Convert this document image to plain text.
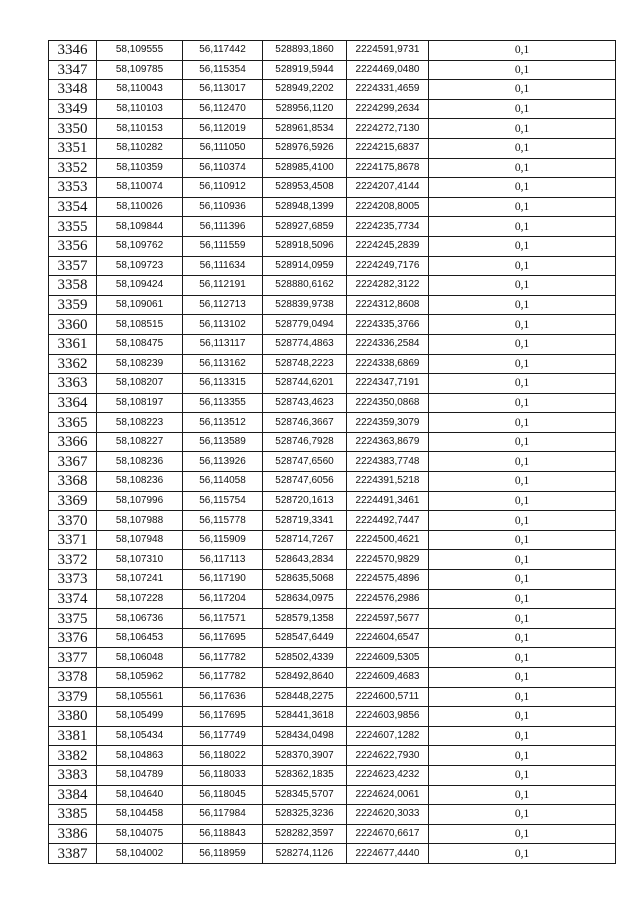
3346	58,109555	56,117442	528893,1860	2224591,9731	0,1
3347	58,109785	56,115354	528919,5944	2224469,0480	0,1
3348	58,110043	56,113017	528949,2202	2224331,4659	0,1
3349	58,110103	56,112470	528956,1120	2224299,2634	0,1
3350	58,110153	56,112019	528961,8534	2224272,7130	0,1
3351	58,110282	56,111050	528976,5926	2224215,6837	0,1
3352	58,110359	56,110374	528985,4100	2224175,8678	0,1
3353	58,110074	56,110912	528953,4508	2224207,4144	0,1
3354	58,110026	56,110936	528948,1399	2224208,8005	0,1
3355	58,109844	56,111396	528927,6859	2224235,7734	0,1
3356	58,109762	56,111559	528918,5096	2224245,2839	0,1
3357	58,109723	56,111634	528914,0959	2224249,7176	0,1
3358	58,109424	56,112191	528880,6162	2224282,3122	0,1
3359	58,109061	56,112713	528839,9738	2224312,8608	0,1
3360	58,108515	56,113102	528779,0494	2224335,3766	0,1
3361	58,108475	56,113117	528774,4863	2224336,2584	0,1
3362	58,108239	56,113162	528748,2223	2224338,6869	0,1
3363	58,108207	56,113315	528744,6201	2224347,7191	0,1
3364	58,108197	56,113355	528743,4623	2224350,0868	0,1
3365	58,108223	56,113512	528746,3667	2224359,3079	0,1
3366	58,108227	56,113589	528746,7928	2224363,8679	0,1
3367	58,108236	56,113926	528747,6560	2224383,7748	0,1
3368	58,108236	56,114058	528747,6056	2224391,5218	0,1
3369	58,107996	56,115754	528720,1613	2224491,3461	0,1
3370	58,107988	56,115778	528719,3341	2224492,7447	0,1
3371	58,107948	56,115909	528714,7267	2224500,4621	0,1
3372	58,107310	56,117113	528643,2834	2224570,9829	0,1
3373	58,107241	56,117190	528635,5068	2224575,4896	0,1
3374	58,107228	56,117204	528634,0975	2224576,2986	0,1
3375	58,106736	56,117571	528579,1358	2224597,5677	0,1
3376	58,106453	56,117695	528547,6449	2224604,6547	0,1
3377	58,106048	56,117782	528502,4339	2224609,5305	0,1
3378	58,105962	56,117782	528492,8640	2224609,4683	0,1
3379	58,105561	56,117636	528448,2275	2224600,5711	0,1
3380	58,105499	56,117695	528441,3618	2224603,9856	0,1
3381	58,105434	56,117749	528434,0498	2224607,1282	0,1
3382	58,104863	56,118022	528370,3907	2224622,7930	0,1
3383	58,104789	56,118033	528362,1835	2224623,4232	0,1
3384	58,104640	56,118045	528345,5707	2224624,0061	0,1
3385	58,104458	56,117984	528325,3236	2224620,3033	0,1
3386	58,104075	56,118843	528282,3597	2224670,6617	0,1
3387	58,104002	56,118959	528274,1126	2224677,4440	0,1
